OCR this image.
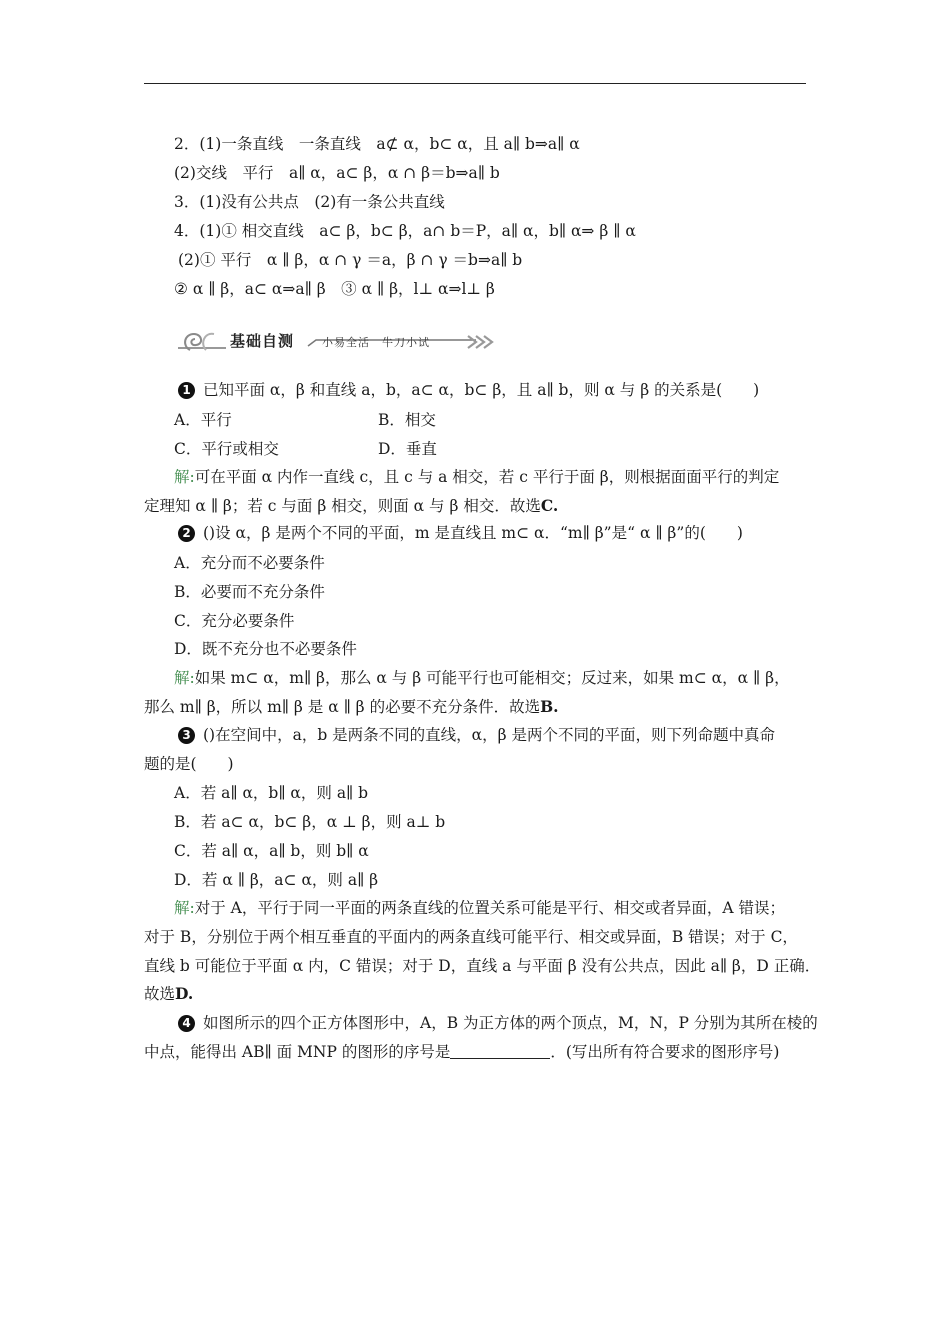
2．(1)一条直线　一条直线　a⊄ α，b⊂ α，且 a∥ b⇒a∥ α
(2)交线　平行　a∥ α，a⊂ β，α ∩ β＝b⇒a∥ b
3．(1)没有公共点　(2)有一条公共直线
4．(1)① 相交直线　a⊂ β，b⊂ β，a∩ b＝P，a∥ α，b∥ α⇒ β ∥ α
(2)① 平行　α ∥ β，α ∩ γ ＝a，β ∩ γ ＝b⇒a∥ b
② α ∥ β，a⊂ α⇒a∥ β　③ α ∥ β，l⊥ α⇒l⊥ β
基础自测	小易全活　牛刀小试
1 已知平面 α，β 和直线 a，b，a⊂ α，b⊂ β，且 a∥ b，则 α 与 β 的关系是(　　)
A．平行	B．相交
C．平行或相交	D．垂直
解:可在平面 α 内作一直线 c，且 c 与 a 相交，若 c 平行于面 β，则根据面面平行的判定
定理知 α ∥ β；若 c 与面 β 相交，则面 α 与 β 相交．故选C.
2 ()设 α，β 是两个不同的平面，m 是直线且 m⊂ α．“m∥ β”是“ α ∥ β”的(　　)
A．充分而不必要条件
B．必要而不充分条件
C．充分必要条件
D．既不充分也不必要条件
解:如果 m⊂ α，m∥ β，那么 α 与 β 可能平行也可能相交；反过来，如果 m⊂ α，α ∥ β，
那么 m∥ β，所以 m∥ β 是 α ∥ β 的必要不充分条件．故选B.
3 ()在空间中，a，b 是两条不同的直线，α，β 是两个不同的平面，则下列命题中真命
题的是(　　)
A．若 a∥ α，b∥ α，则 a∥ b
B．若 a⊂ α，b⊂ β，α ⊥ β，则 a⊥ b
C．若 a∥ α，a∥ b，则 b∥ α
D．若 α ∥ β，a⊂ α，则 a∥ β
解:对于 A，平行于同一平面的两条直线的位置关系可能是平行、相交或者异面，A 错误；
对于 B，分别位于两个相互垂直的平面内的两条直线可能平行、相交或异面，B 错误；对于 C，
直线 b 可能位于平面 α 内，C 错误；对于 D，直线 a 与平面 β 没有公共点，因此 a∥ β，D 正确．
故选D.
4 如图所示的四个正方体图形中，A，B 为正方体的两个顶点，M，N，P 分别为其所在棱的
中点，能得出 AB∥ 面 MNP 的图形的序号是	．(写出所有符合要求的图形序号)
